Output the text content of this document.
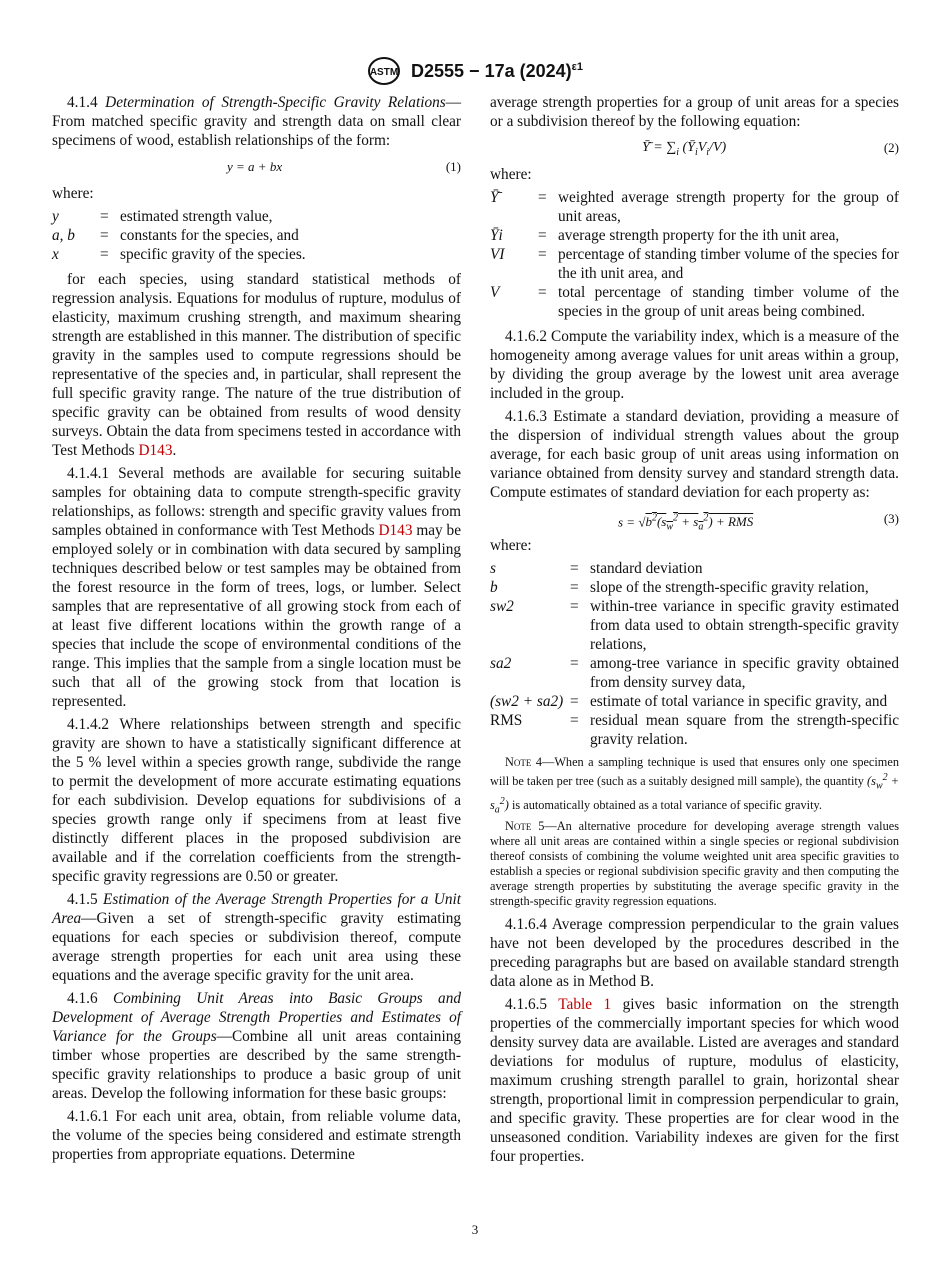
ASTM D2555 − 17a $(2024)^{\varepsilon 1}$

4.1.4 Determination of Strength-Specific Gravity Relations—From matched specific gravity and strength data on small clear specimens of wood, establish relationships of the form:

y = a + bx	(1)
where:
y	=	estimated strength value,
a, b	=	constants for the species, and
x	=	specific gravity of the species.

for each species, using standard statistical methods of regression analysis. Equations for modulus of rupture, modulus of elasticity, maximum crushing strength, and maximum shearing strength are established in this manner. The distribution of specific gravity in the samples used to compute regressions should be representative of the species and, in particular, shall represent the full specific gravity range. The nature of the true distribution of specific gravity can be obtained from results of wood density surveys. Obtain the data from specimens tested in accordance with Test Methods D143.

4.1.4.1 Several methods are available for securing suitable samples for obtaining data to compute strength-specific gravity relationships, as follows: strength and specific gravity values from samples obtained in conformance with Test Methods D143 may be employed solely or in combination with data secured by sampling techniques described below or test samples may be obtained from the forest resource in the form of trees, logs, or lumber. Select samples that are representative of all growing stock from each of at least five different locations within the growth range of a species that include the scope of environmental conditions of the range. This implies that the sample from a single location must be such that all of the growing stock from that location is represented.

4.1.4.2 Where relationships between strength and specific gravity are shown to have a statistically significant difference at the 5 % level within a species growth range, subdivide the range to permit the development of more accurate estimating equations for each subdivision. Develop equations for subdivisions of a species growth range only if specimens from at least five distinctly different places in the proposed subdivision are available and if the correlation coefficients from the strength-specific gravity regressions are 0.50 or greater.

4.1.5 Estimation of the Average Strength Properties for a Unit Area—Given a set of strength-specific gravity estimating equations for each species or subdivision thereof, compute average strength properties for each unit area using these equations and the average specific gravity for the unit area.

4.1.6 Combining Unit Areas into Basic Groups and Development of Average Strength Properties and Estimates of Variance for the Groups—Combine all unit areas containing timber whose properties are described by the same strength-specific gravity relationships to produce a basic group of unit areas. Develop the following information for these basic groups:

4.1.6.1 For each unit area, obtain, from reliable volume data, the volume of the species being considered and estimate strength properties from appropriate equations. Determine

average strength properties for a group of unit areas for a species or a subdivision thereof by the following equation:

Ȳ̄ = $\sum_i$ $(Ȳ_iV_i/V)$	(2)
where:
Ȳ̄	=	weighted average strength property for the group of unit areas,
Ȳi	=	average strength property for the ith unit area,
VI	=	percentage of standing timber volume of the species for the ith unit area, and
V	=	total percentage of standing timber volume of the species in the group of unit areas being combined.

4.1.6.2 Compute the variability index, which is a measure of the homogeneity among average values for unit areas within a group, by dividing the group average by the lowest unit area average included in the group.

4.1.6.3 Estimate a standard deviation, providing a measure of the dispersion of individual strength values about the group average, for each basic group of unit areas using information on variance obtained from density survey and standard strength data. Compute estimates of standard deviation for each property as:

$s = √b^2(s_w^2 + s_a^2)$ + RMS	(3)
where:
s	=	standard deviation
b	=	slope of the strength-specific gravity relation,
sw2	=	within-tree variance in specific gravity estimated from data used to obtain strength-specific gravity relations,
sa2	=	among-tree variance in specific gravity obtained from density survey data,
(sw2 + sa2)	=	estimate of total variance in specific gravity, and
RMS	=	residual mean square from the strength-specific gravity relation.
Note 4—When a sampling technique is used that ensures only one specimen will be taken per tree (such as a suitably designed mill sample), the quantity $(s_w^2 + s_a^2)$ is automatically obtained as a total variance of specific gravity.
Note 5—An alternative procedure for developing average strength values where all unit areas are contained within a single species or regional subdivision thereof consists of combining the volume weighted unit area specific gravities to establish a species or regional subdivision specific gravity and then computing the average strength properties by substituting the average specific gravity in the strength-specific gravity regression equations.

4.1.6.4 Average compression perpendicular to the grain values have not been developed by the procedures described in the preceding paragraphs but are based on available standard strength data alone as in Method B.

4.1.6.5 Table 1 gives basic information on the strength properties of the commercially important species for which wood density survey data are available. Listed are averages and standard deviations for modulus of rupture, modulus of elasticity, maximum crushing strength parallel to grain, horizontal shear strength, proportional limit in compression perpendicular to grain, and specific gravity. These properties are for clear wood in the unseasoned condition. Variability indexes are given for the first four properties.

3
